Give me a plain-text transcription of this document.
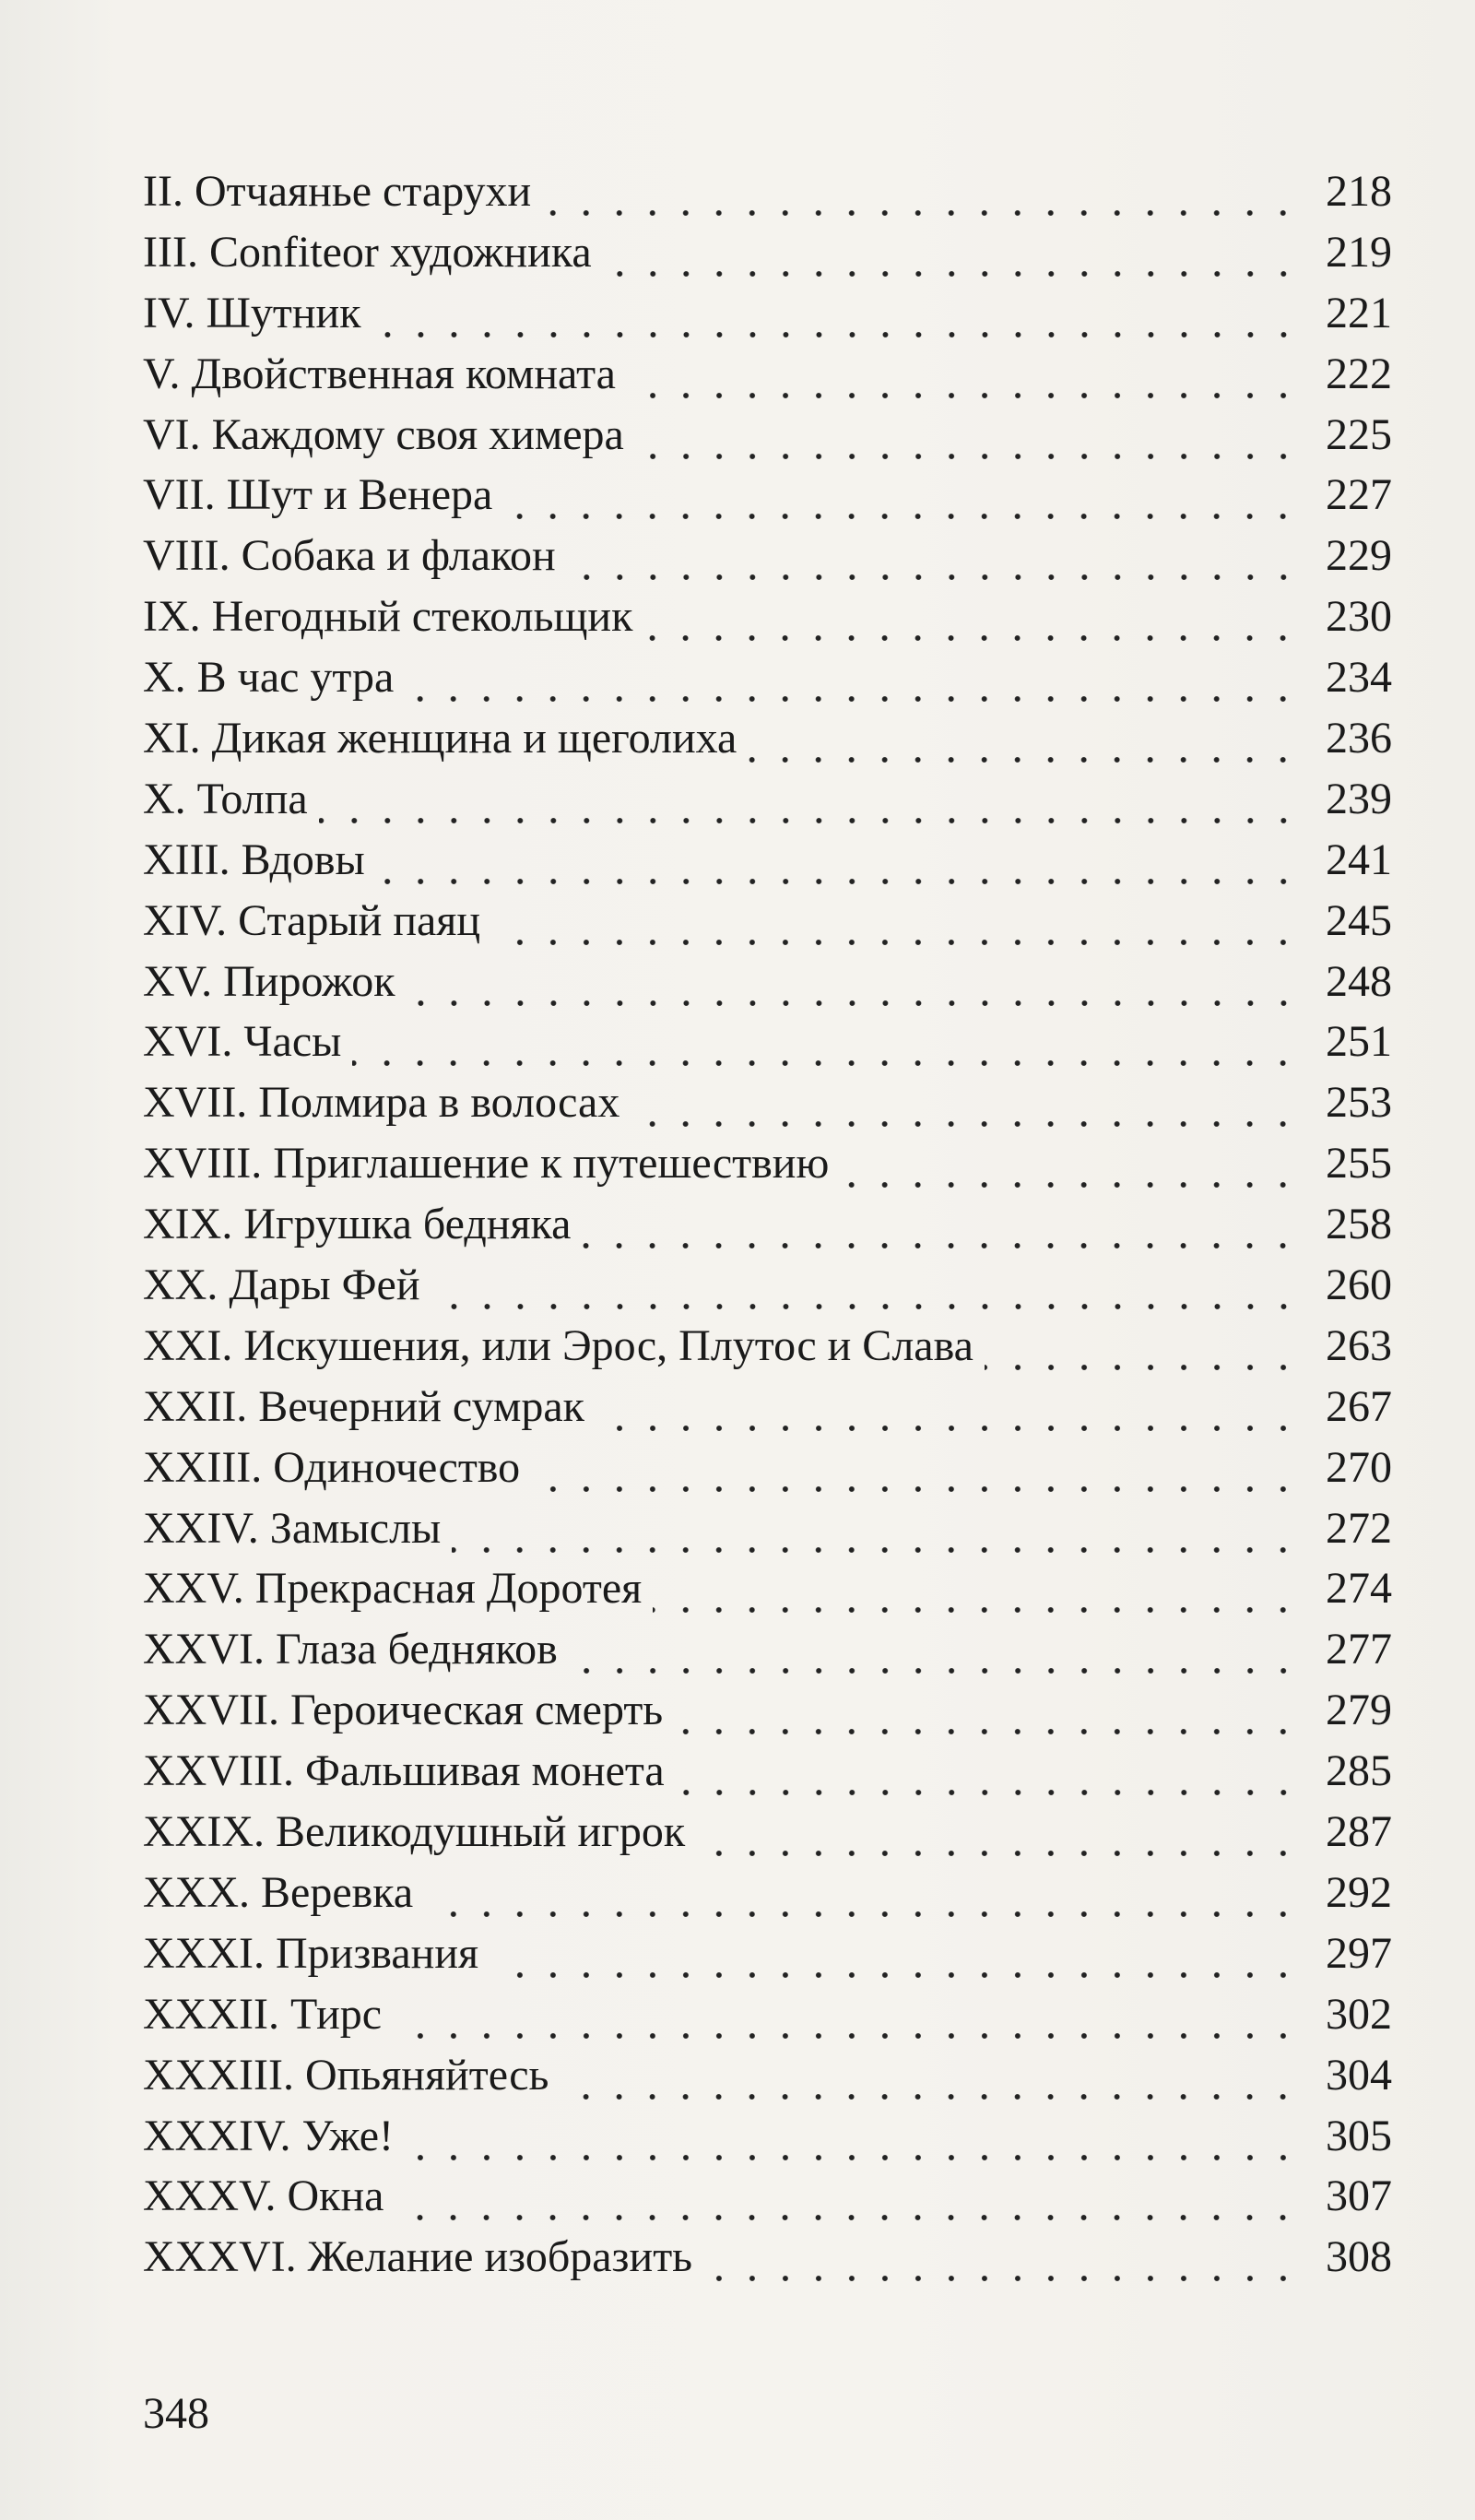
II. Отчаянье старухи	218
III. Confiteor художника	219
IV. Шутник	221
V. Двойственная комната	222
VI. Каждому своя химера	225
VII. Шут и Венера	227
VIII. Собака и флакон	229
IX. Негодный стекольщик	230
X. В час утра	234
XI. Дикая женщина и щеголиха	236
X. Толпа	239
XIII. Вдовы	241
XIV. Старый паяц	245
XV. Пирожок	248
XVI. Часы	251
XVII. Полмира в волосах	253
XVIII. Приглашение к путешествию	255
XIX. Игрушка бедняка	258
XX. Дары Фей	260
XXI. Искушения, или Эрос, Плутос и Слава	263
XXII. Вечерний сумрак	267
XXIII. Одиночество	270
XXIV. Замыслы	272
XXV. Прекрасная Доротея	274
XXVI. Глаза бедняков	277
XXVII. Героическая смерть	279
XXVIII. Фальшивая монета	285
XXIX. Великодушный игрок	287
XXX. Веревка	292
XXXI. Призвания	297
XXXII. Тирс	302
XXXIII. Опьяняйтесь	304
XXXIV. Уже!	305
XXXV. Окна	307
XXXVI. Желание изобразить	308
348
